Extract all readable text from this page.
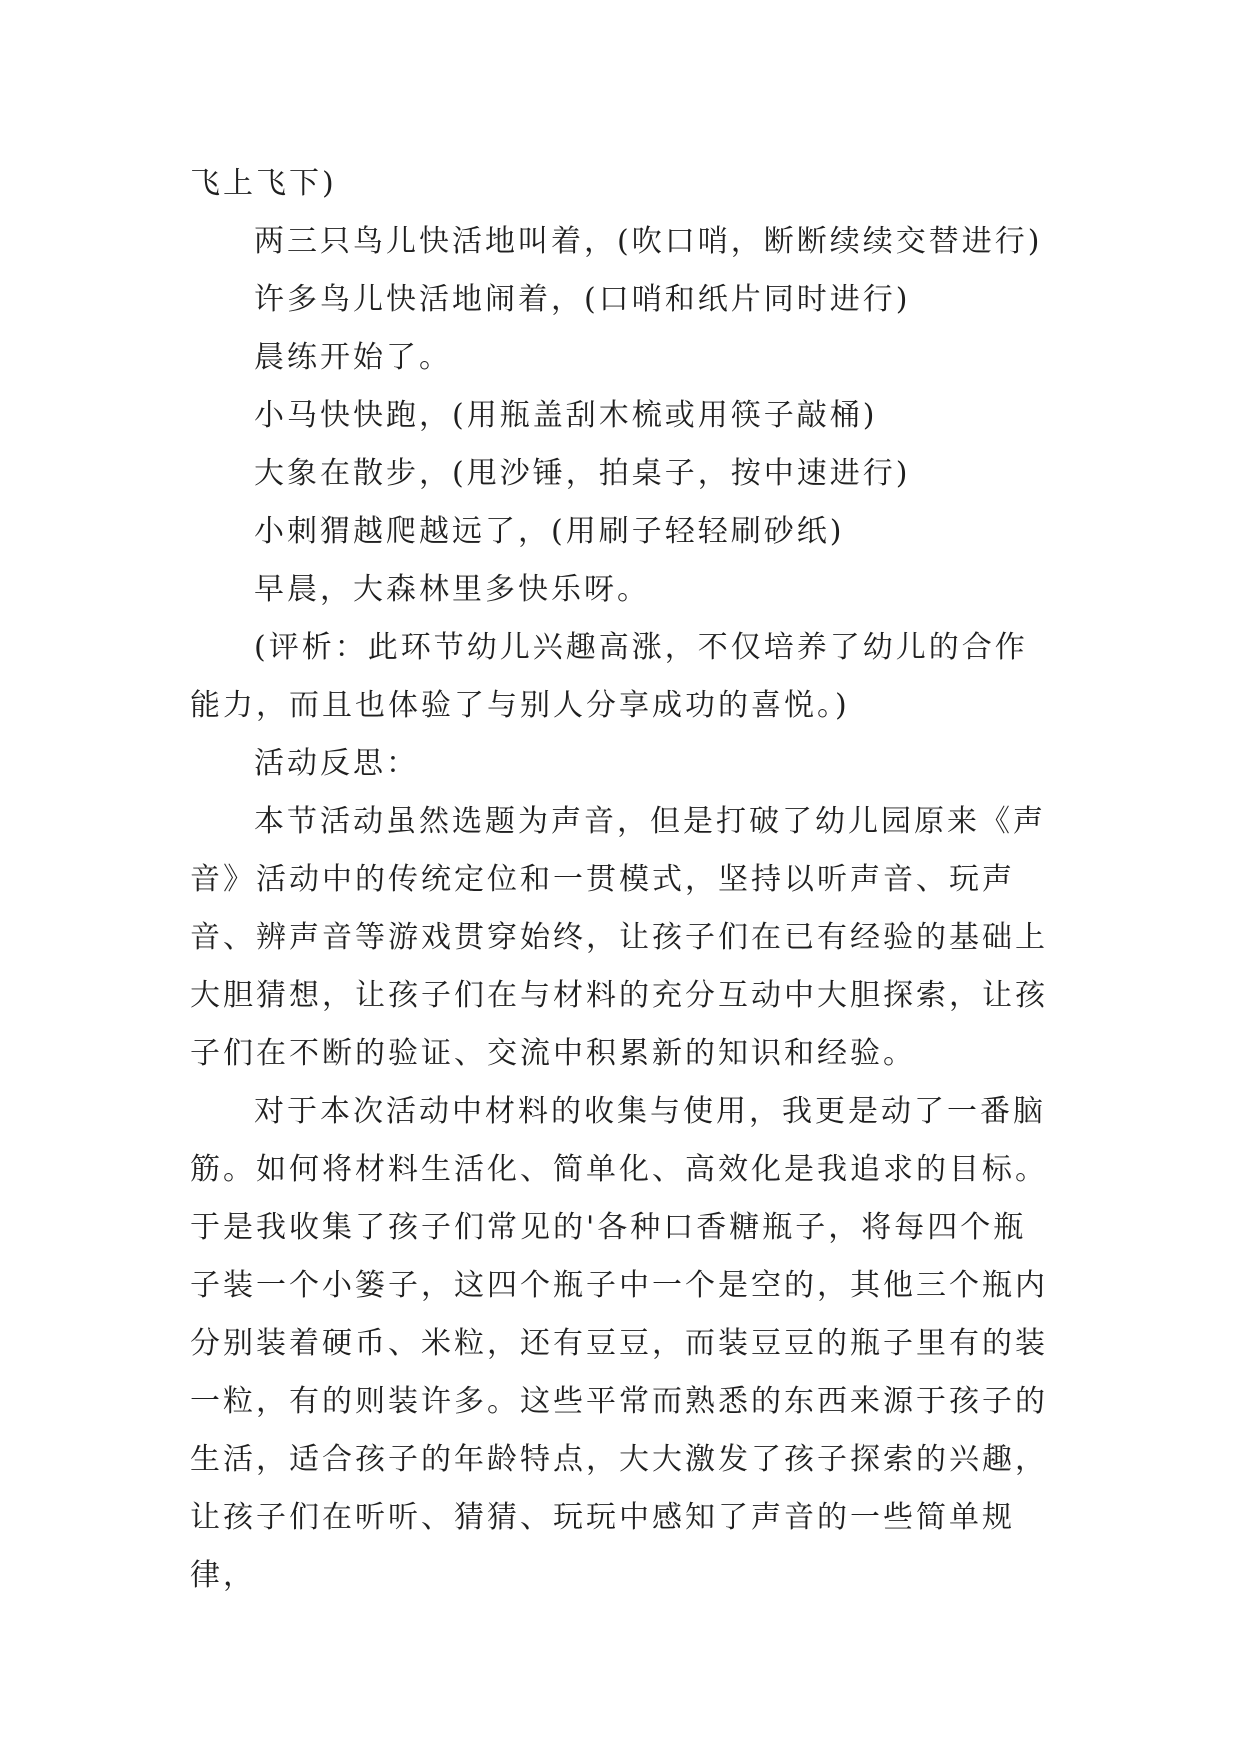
飞上飞下)

两三只鸟儿快活地叫着，(吹口哨，断断续续交替进行)

许多鸟儿快活地闹着，(口哨和纸片同时进行)

晨练开始了。

小马快快跑，(用瓶盖刮木梳或用筷子敲桶)

大象在散步，(甩沙锤，拍桌子，按中速进行)

小刺猬越爬越远了，(用刷子轻轻刷砂纸)

早晨，大森林里多快乐呀。

(评析：此环节幼儿兴趣高涨，不仅培养了幼儿的合作能力，而且也体验了与别人分享成功的喜悦。)

活动反思：

本节活动虽然选题为声音，但是打破了幼儿园原来《声音》活动中的传统定位和一贯模式，坚持以听声音、玩声音、辨声音等游戏贯穿始终，让孩子们在已有经验的基础上大胆猜想，让孩子们在与材料的充分互动中大胆探索，让孩子们在不断的验证、交流中积累新的知识和经验。

对于本次活动中材料的收集与使用，我更是动了一番脑筋。如何将材料生活化、简单化、高效化是我追求的目标。于是我收集了孩子们常见的'各种口香糖瓶子，将每四个瓶子装一个小篓子，这四个瓶子中一个是空的，其他三个瓶内分别装着硬币、米粒，还有豆豆，而装豆豆的瓶子里有的装一粒，有的则装许多。这些平常而熟悉的东西来源于孩子的生活，适合孩子的年龄特点，大大激发了孩子探索的兴趣，让孩子们在听听、猜猜、玩玩中感知了声音的一些简单规律，
